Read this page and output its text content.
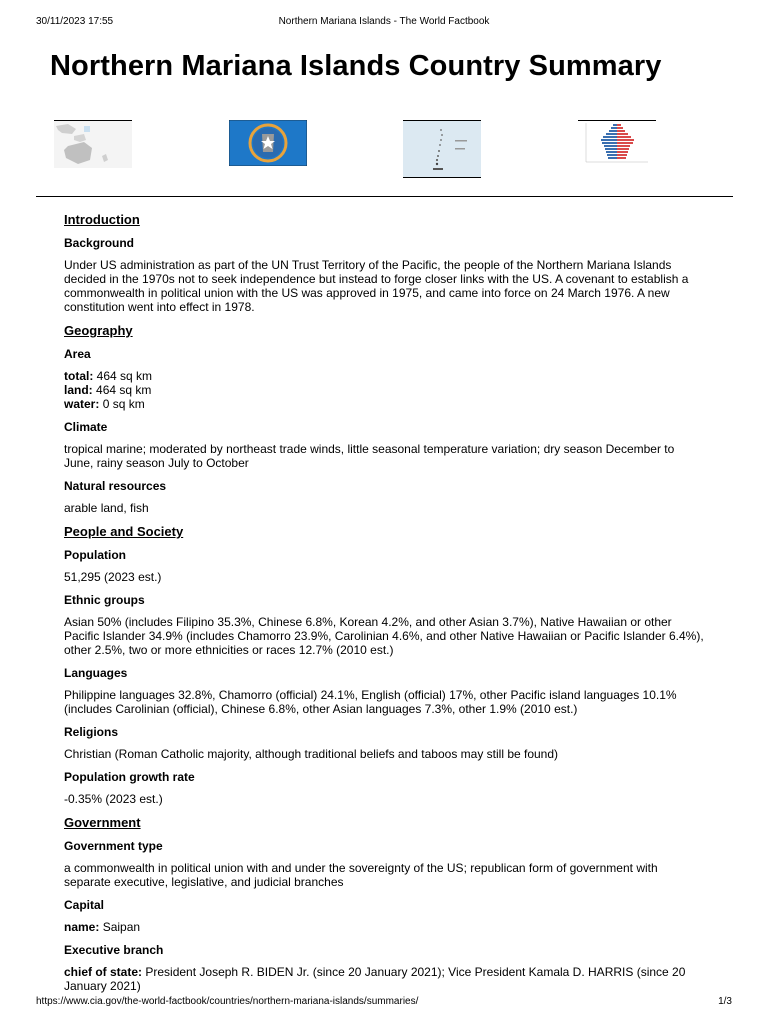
30/11/2023 17:55	Northern Mariana Islands - The World Factbook
Northern Mariana Islands Country Summary
Introduction
Background

Under US administration as part of the UN Trust Territory of the Pacific, the people of the Northern Mariana Islands decided in the 1970s not to seek independence but instead to forge closer links with the US. A covenant to establish a commonwealth in political union with the US was approved in 1975, and came into force on 24 March 1976. A new constitution went into effect in 1978.

Geography
Area

total: 464 sq km
land: 464 sq km
water: 0 sq km

Climate

tropical marine; moderated by northeast trade winds, little seasonal temperature variation; dry season December to June, rainy season July to October

Natural resources

arable land, fish

People and Society
Population

51,295 (2023 est.)

Ethnic groups

Asian 50% (includes Filipino 35.3%, Chinese 6.8%, Korean 4.2%, and other Asian 3.7%), Native Hawaiian or other Pacific Islander 34.9% (includes Chamorro 23.9%, Carolinian 4.6%, and other Native Hawaiian or Pacific Islander 6.4%), other 2.5%, two or more ethnicities or races 12.7% (2010 est.)

Languages

Philippine languages 32.8%, Chamorro (official) 24.1%, English (official) 17%, other Pacific island languages 10.1% (includes Carolinian (official), Chinese 6.8%, other Asian languages 7.3%, other 1.9% (2010 est.)

Religions

Christian (Roman Catholic majority, although traditional beliefs and taboos may still be found)

Population growth rate

-0.35% (2023 est.)

Government
Government type

a commonwealth in political union with and under the sovereignty of the US; republican form of government with separate executive, legislative, and judicial branches

Capital

name: Saipan

Executive branch

chief of state: President Joseph R. BIDEN Jr. (since 20 January 2021); Vice President Kamala D. HARRIS (since 20 January 2021)

https://www.cia.gov/the-world-factbook/countries/northern-mariana-islands/summaries/	1/3
